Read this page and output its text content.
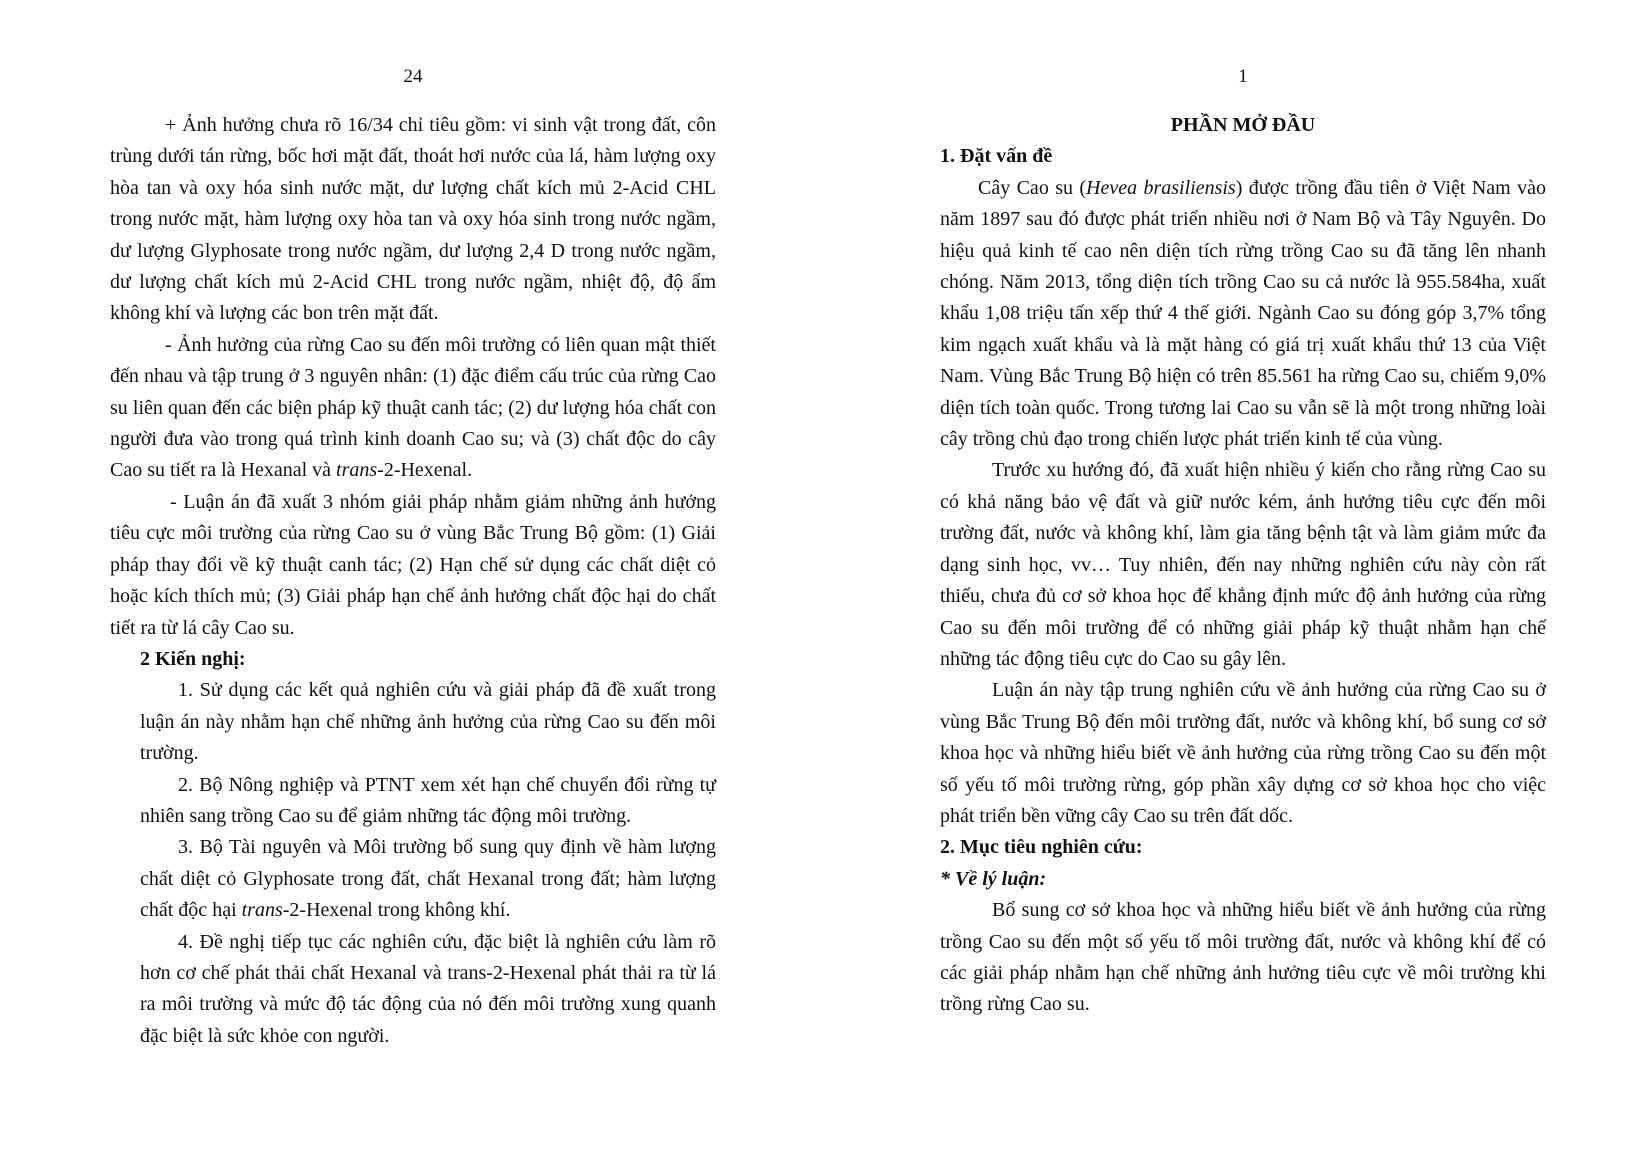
24

+ Ảnh hưởng chưa rõ 16/34 chỉ tiêu gồm: vi sinh vật trong đất, côn trùng dưới tán rừng, bốc hơi mặt đất, thoát hơi nước của lá, hàm lượng oxy hòa tan và oxy hóa sinh nước mặt, dư lượng chất kích mủ 2-Acid CHL trong nước mặt, hàm lượng oxy hòa tan và oxy hóa sinh trong nước ngầm, dư lượng Glyphosate trong nước ngầm, dư lượng 2,4 D trong nước ngầm, dư lượng chất kích mủ 2-Acid CHL trong nước ngầm, nhiệt độ, độ ẩm không khí và lượng các bon trên mặt đất.

- Ảnh hưởng của rừng Cao su đến môi trường có liên quan mật thiết đến nhau và tập trung ở 3 nguyên nhân: (1) đặc điểm cấu trúc của rừng Cao su liên quan đến các biện pháp kỹ thuật canh tác; (2) dư lượng hóa chất con người đưa vào trong quá trình kinh doanh Cao su; và (3) chất độc do cây Cao su tiết ra là Hexanal và trans-2-Hexenal.

- Luận án đã xuất 3 nhóm giải pháp nhằm giảm những ảnh hưởng tiêu cực môi trường của rừng Cao su ở vùng Bắc Trung Bộ gồm: (1) Giải pháp thay đổi về kỹ thuật canh tác; (2) Hạn chế sử dụng các chất diệt cỏ hoặc kích thích mủ; (3) Giải pháp hạn chế ảnh hưởng chất độc hại do chất tiết ra từ lá cây Cao su.

2 Kiến nghị:

1. Sử dụng các kết quả nghiên cứu và giải pháp đã đề xuất trong luận án này nhằm hạn chế những ảnh hưởng của rừng Cao su đến môi trường.

2. Bộ Nông nghiệp và PTNT xem xét hạn chế chuyển đổi rừng tự nhiên sang trồng Cao su để giảm những tác động môi trường.

3. Bộ Tài nguyên và Môi trường bổ sung quy định về hàm lượng chất diệt cỏ Glyphosate trong đất, chất Hexanal trong đất; hàm lượng chất độc hại trans-2-Hexenal trong không khí.

4. Đề nghị tiếp tục các nghiên cứu, đặc biệt là nghiên cứu làm rõ hơn cơ chế phát thải chất Hexanal và trans-2-Hexenal phát thải ra từ lá ra môi trường và mức độ tác động của nó đến môi trường xung quanh đặc biệt là sức khỏe con người.

1

PHẦN MỞ ĐẦU

1. Đặt vấn đề

Cây Cao su (Hevea brasiliensis) được trồng đầu tiên ở Việt Nam vào năm 1897 sau đó được phát triển nhiều nơi ở Nam Bộ và Tây Nguyên. Do hiệu quả kinh tế cao nên diện tích rừng trồng Cao su đã tăng lên nhanh chóng. Năm 2013, tổng diện tích trồng Cao su cả nước là 955.584ha, xuất khẩu 1,08 triệu tấn xếp thứ 4 thế giới. Ngành Cao su đóng góp 3,7% tổng kim ngạch xuất khẩu và là mặt hàng có giá trị xuất khẩu thứ 13 của Việt Nam. Vùng Bắc Trung Bộ hiện có trên 85.561 ha rừng Cao su, chiếm 9,0% diện tích toàn quốc. Trong tương lai Cao su vẫn sẽ là một trong những loài cây trồng chủ đạo trong chiến lược phát triển kinh tế của vùng.

Trước xu hướng đó, đã xuất hiện nhiều ý kiến cho rằng rừng Cao su có khả năng bảo vệ đất và giữ nước kém, ảnh hưởng tiêu cực đến môi trường đất, nước và không khí, làm gia tăng bệnh tật và làm giảm mức đa dạng sinh học, vv… Tuy nhiên, đến nay những nghiên cứu này còn rất thiếu, chưa đủ cơ sở khoa học để khẳng định mức độ ảnh hưởng của rừng Cao su đến môi trường để có những giải pháp kỹ thuật nhằm hạn chế những tác động tiêu cực do Cao su gây lên.

Luận án này tập trung nghiên cứu về ảnh hưởng của rừng Cao su ở vùng Bắc Trung Bộ đến môi trường đất, nước và không khí, bổ sung cơ sở khoa học và những hiểu biết về ảnh hưởng của rừng trồng Cao su đến một số yếu tố môi trường rừng, góp phần xây dựng cơ sở khoa học cho việc phát triển bền vững cây Cao su trên đất dốc.

2. Mục tiêu nghiên cứu:

* Về lý luận:

Bổ sung cơ sở khoa học và những hiểu biết về ảnh hưởng của rừng trồng Cao su đến một số yếu tố môi trường đất, nước và không khí để có các giải pháp nhằm hạn chế những ảnh hưởng tiêu cực về môi trường khi trồng rừng Cao su.
